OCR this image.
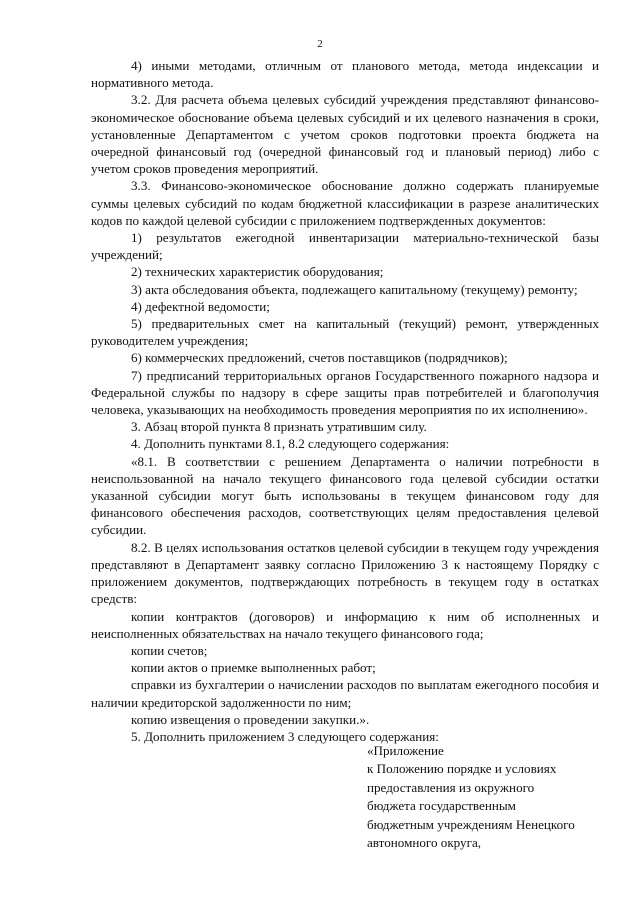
2

4) иными методами, отличным от планового метода, метода индексации и нормативного метода.

3.2. Для расчета объема целевых субсидий учреждения представляют финансово-экономическое обоснование объема целевых субсидий и их целевого назначения в сроки, установленные Департаментом с учетом сроков подготовки проекта бюджета на очередной финансовый год (очередной финансовый год и плановый период) либо с учетом сроков проведения мероприятий.

3.3. Финансово-экономическое обоснование должно содержать планируемые суммы целевых субсидий по кодам бюджетной классификации в разрезе аналитических кодов по каждой целевой субсидии с приложением подтвержденных документов:

1) результатов ежегодной инвентаризации материально-технической базы учреждений;

2) технических характеристик оборудования;

3) акта обследования объекта, подлежащего капитальному (текущему) ремонту;

4) дефектной ведомости;

5) предварительных смет на капитальный (текущий) ремонт, утвержденных руководителем учреждения;

6) коммерческих предложений, счетов поставщиков (подрядчиков);

7) предписаний территориальных органов Государственного пожарного надзора и Федеральной службы по надзору в сфере защиты прав потребителей и благополучия человека, указывающих на необходимость проведения мероприятия по их исполнению».

3. Абзац второй пункта 8 признать утратившим силу.

4. Дополнить пунктами 8.1, 8.2 следующего содержания:

«8.1. В соответствии с решением Департамента о наличии потребности в неиспользованной на начало текущего финансового года целевой субсидии остатки указанной субсидии могут быть использованы в текущем финансовом году для финансового обеспечения расходов, соответствующих целям предоставления целевой субсидии.

8.2. В целях использования остатков целевой субсидии в текущем году учреждения представляют в Департамент заявку согласно Приложению 3 к настоящему Порядку с приложением документов, подтверждающих потребность в текущем году в остатках средств:

копии контрактов (договоров) и информацию к ним об исполненных и неисполненных обязательствах на начало текущего финансового года;

копии счетов;

копии актов о приемке выполненных работ;

справки из бухгалтерии о начислении расходов по выплатам ежегодного пособия и наличии кредиторской задолженности по ним;

копию извещения о проведении закупки.».

5. Дополнить приложением 3 следующего содержания:

«Приложение
к Положению порядке и условиях
предоставления из окружного
бюджета государственным
бюджетным учреждениям Ненецкого
автономного округа,
